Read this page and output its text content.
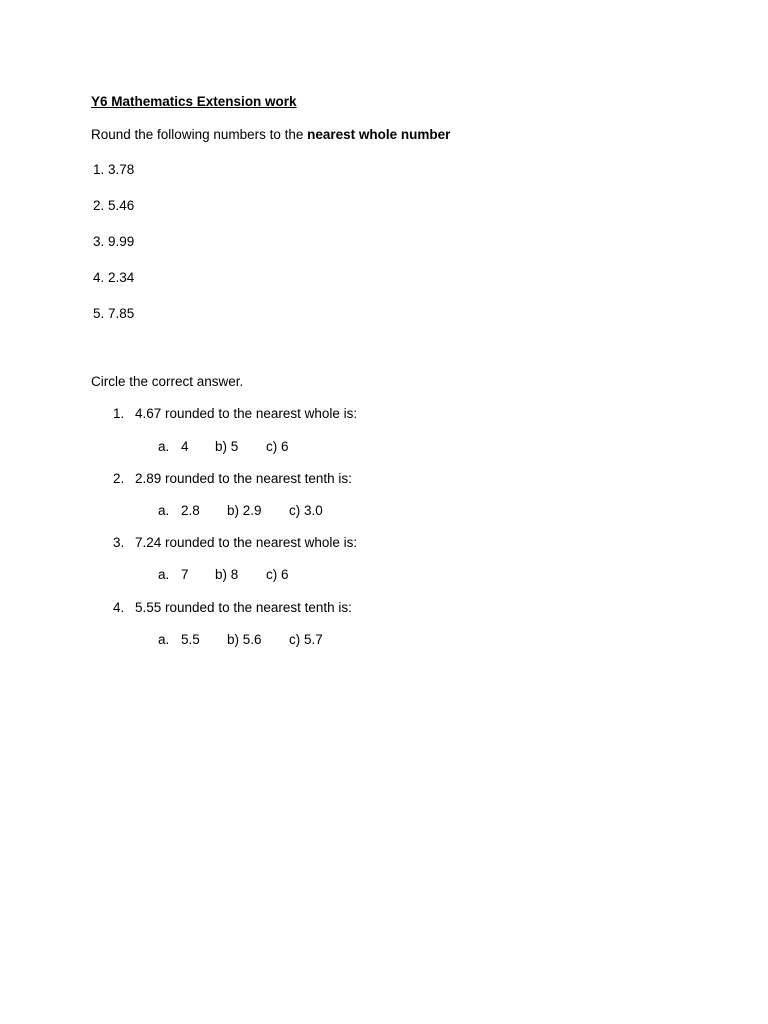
Y6 Mathematics Extension work
Round the following numbers to the nearest whole number
1. 3.78
2. 5.46
3. 9.99
4. 2.34
5. 7.85
Circle the correct answer.
1. 4.67 rounded to the nearest whole is:
a. 4 b) 5 c) 6
2. 2.89 rounded to the nearest tenth is:
a. 2.8 b) 2.9 c) 3.0
3. 7.24 rounded to the nearest whole is:
a. 7 b) 8 c) 6
4. 5.55 rounded to the nearest tenth is:
a. 5.5 b) 5.6 c) 5.7
